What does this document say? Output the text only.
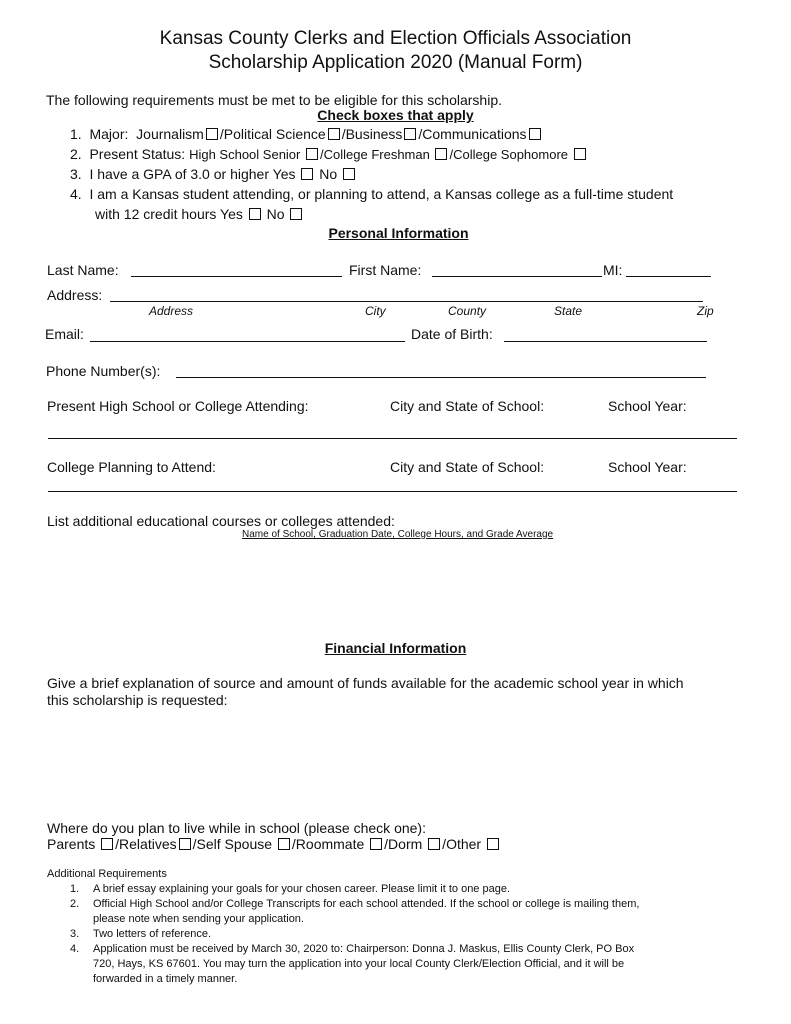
Kansas County Clerks and Election Officials Association
Scholarship Application 2020 (Manual Form)
The following requirements must be met to be eligible for this scholarship.
Check boxes that apply
1. Major: Journalism /Political Science /Business /Communications
2. Present Status: High School Senior /College Freshman /College Sophomore
3. I have a GPA of 3.0 or higher Yes No
4. I am a Kansas student attending, or planning to attend, a Kansas college as a full-time student
with 12 credit hours Yes No
Personal Information
Last Name:	First Name:	MI:
Address:
Address	City	County	State	Zip
Email:	Date of Birth:
Phone Number(s):
Present High School or College Attending:	City and State of School:	School Year:
College Planning to Attend:	City and State of School:	School Year:
List additional educational courses or colleges attended:
Name of School, Graduation Date, College Hours, and Grade Average
Financial Information
Give a brief explanation of source and amount of funds available for the academic school year in which
this scholarship is requested:
Where do you plan to live while in school (please check one):
Parents /Relatives /Self Spouse /Roommate /Dorm /Other
Additional Requirements
1. A brief essay explaining your goals for your chosen career. Please limit it to one page.
2. Official High School and/or College Transcripts for each school attended. If the school or college is mailing them,
please note when sending your application.
3. Two letters of reference.
4. Application must be received by March 30, 2020 to: Chairperson: Donna J. Maskus, Ellis County Clerk, PO Box
720, Hays, KS 67601. You may turn the application into your local County Clerk/Election Official, and it will be
forwarded in a timely manner.
